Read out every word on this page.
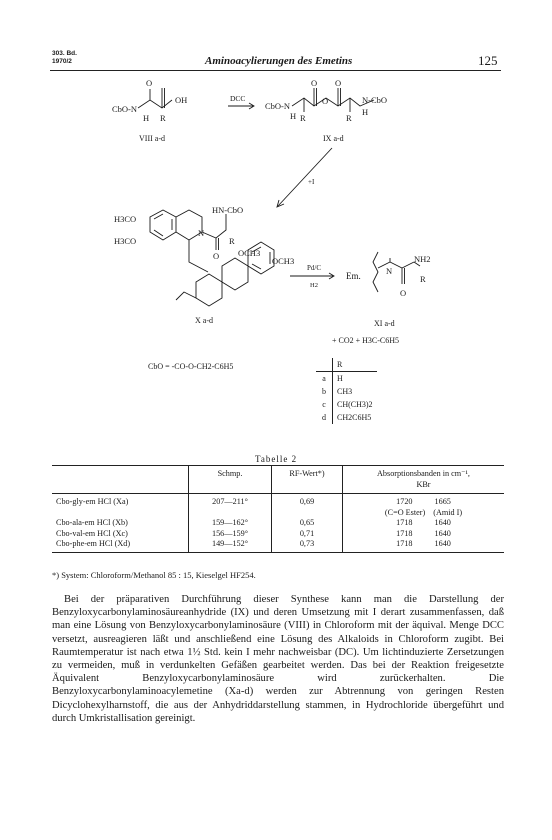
303. Bd.
1970/2	Aminoacylierungen des Emetins	125
CbO-N
H
O
OH
R
VIII a-d
DCC
CbO-N
H
O
O
O
R	R
N-CbO
H
IX a-d
+I
H3CO
H3CO
HN-CbO
N
O
R
OCH3
OCH3
X a-d
Pd/C
H2
Em.
NH2
N
O
R
XI a-d
+ CO2 + H3C-C6H5
CbO = -CO-O-CH2-C6H5
		R
a	H
b	CH3
c	CH(CH3)2
d	CH2C6H5
Tabelle 2
	Schmp.	RF-Wert*)	Absorptionsbanden in cm⁻¹,
KBr

Cbo-gly-em HCl (Xa)	207—211°	0,69	1720 1665

			(C=O Ester) (Amid I)

Cbo-ala-em HCl (Xb)	159—162°	0,65	1718 1640

Cbo-val-em HCl (Xc)	156—159°	0,71	1718 1640

Cbo-phe-em HCl (Xd)	149—152°	0,73	1718 1640
*) System: Chloroform/Methanol 85 : 15, Kieselgel HF254.

Bei der präparativen Durchführung dieser Synthese kann man die Darstellung der Benzyloxycarbonylaminosäureanhydride (IX) und deren Umsetzung mit I derart zusammenfassen, daß man eine Lösung von Benzyloxycarbonylaminosäure (VIII) in Chloroform mit der äquival. Menge DCC versetzt, ausreagieren läßt und anschließend eine Lösung des Alkaloids in Chloroform zugibt. Bei Raumtemperatur ist nach etwa 1½ Std. kein I mehr nachweisbar (DC). Um lichtinduzierte Zersetzungen zu vermeiden, muß in verdunkelten Gefäßen gearbeitet werden. Das bei der Reaktion freigesetzte Äquivalent Benzyloxycarbonylaminosäure wird zurückerhalten. Die Benzyloxycarbonylaminoacylemetine (Xa-d) werden zur Abtrennung von geringen Resten Dicyclohexylharnstoff, die aus der Anhydriddarstellung stammen, in Hydrochloride übergeführt und durch Umkristallisation gereinigt.
